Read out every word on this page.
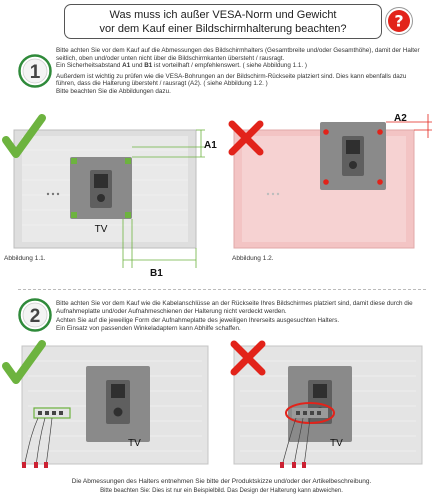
Was muss ich außer VESA-Norm und Gewicht
vor dem Kauf einer Bildschirmhalterung beachten?	?
1
Bitte achten Sie vor dem Kauf auf die Abmessungen des Bildschirmhalters (Gesamtbreite und/oder Gesamthöhe), damit der Halter seitlich, oben und/oder unten nicht über die Bildschirmkanten übersteht / rausragt.
Ein Sicherheitsabstand A1 und B1 ist vorteilhaft / empfehlenswert. ( siehe Abbildung 1.1. )
Außerdem ist wichtig zu prüfen wie die VESA-Bohrungen an der Bildschirm-Rückseite platziert sind. Dies kann ebenfalls dazu führen, dass die Halterung übersteht / rausragt (A2). ( siehe Abbildung 1.2. )
Bitte beachten Sie die Abbildungen dazu.
TV
A1
B1
Abbildung 1.1.
A2
Abbildung 1.2.
2
Bitte achten Sie vor dem Kauf wie die Kabelanschlüsse an der Rückseite Ihres Bildschirmes platziert sind, damit diese durch die Aufnahmeplatte und/oder Aufnahmeschienen der Halterung nicht verdeckt werden.
Achten Sie auf die jeweilige Form der Aufnahmeplatte des jeweiligen Ihrerseits ausgesuchten Halters.
Ein Einsatz von passenden Winkeladaptern kann Abhilfe schaffen.
TV	TV
Die Abmessungen des Halters entnehmen Sie bitte der Produktskizze und/oder der Artikelbeschreibung.
Bitte beachten Sie: Dies ist nur ein Beispielbild. Das Design der Halterung kann abweichen.
